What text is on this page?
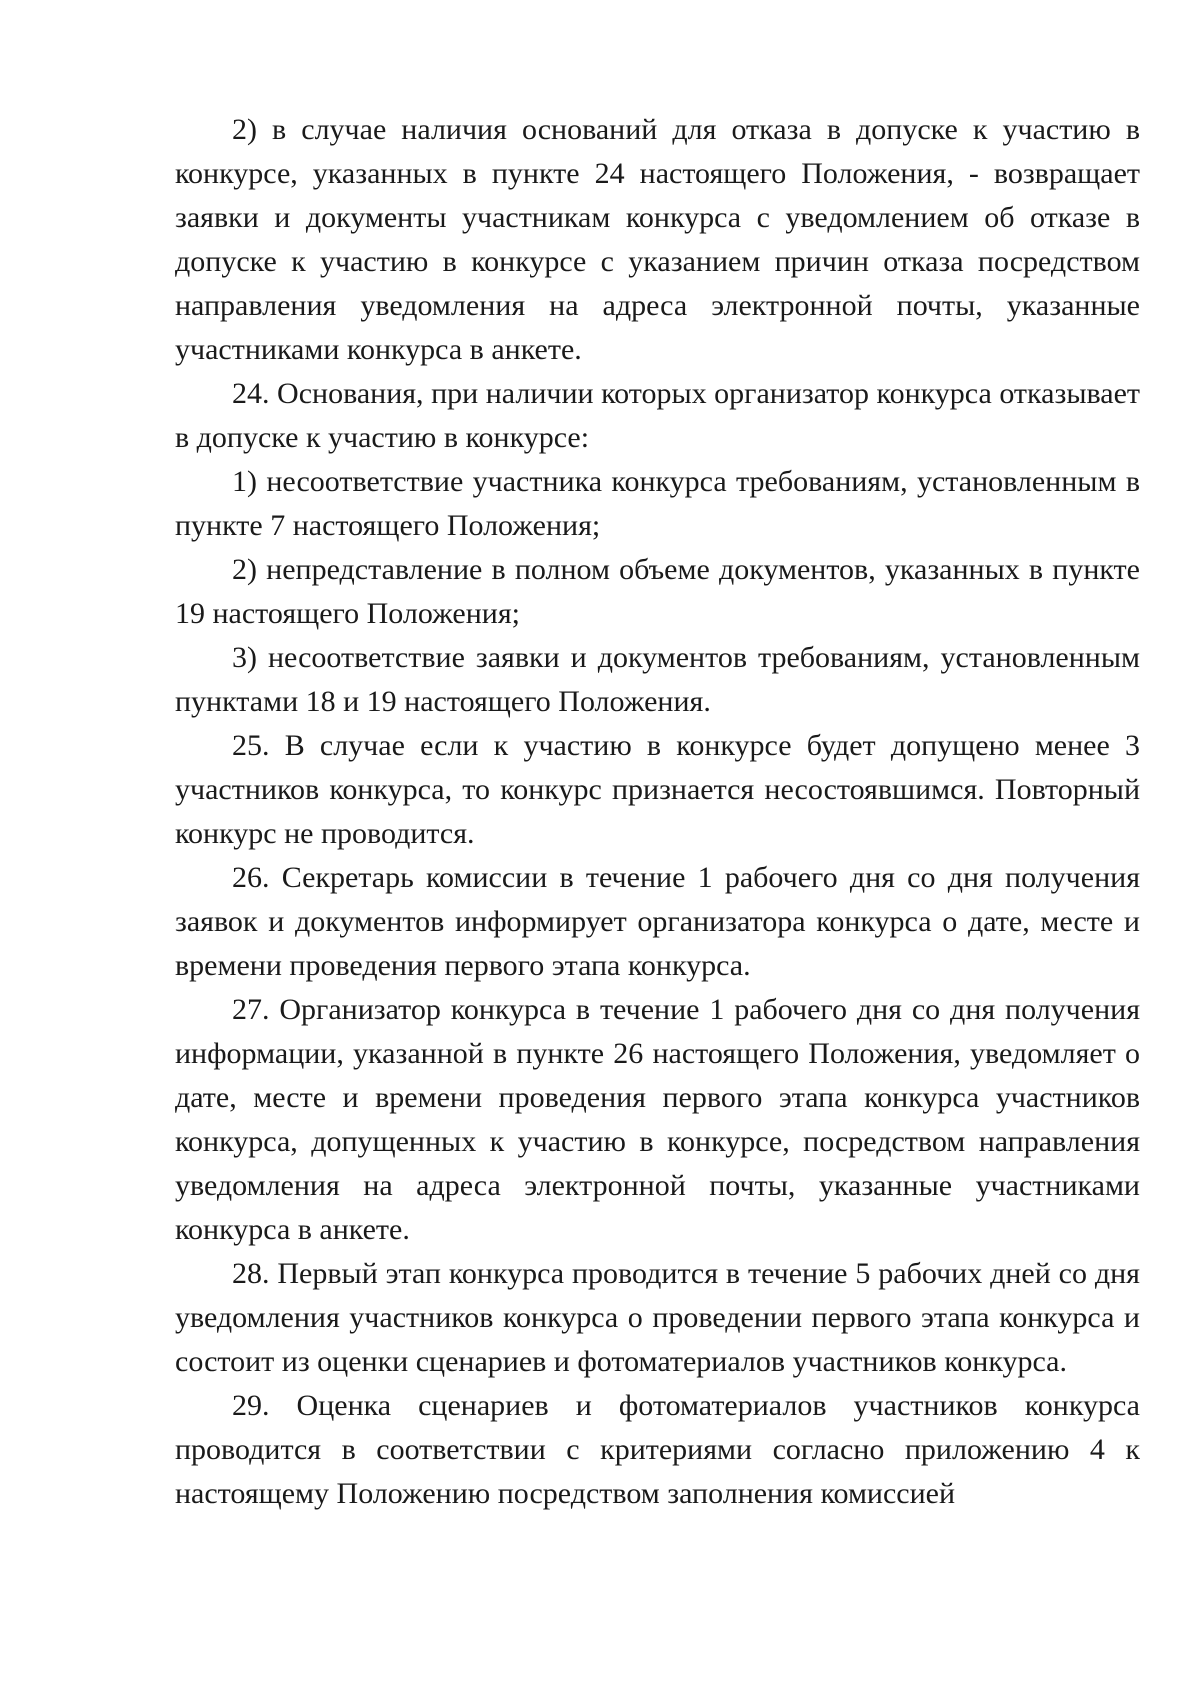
2) в случае наличия оснований для отказа в допуске к участию в конкурсе, указанных в пункте 24 настоящего Положения, - возвращает заявки и документы участникам конкурса с уведомлением об отказе в допуске к участию в конкурсе с указанием причин отказа посредством направления уведомления на адреса электронной почты, указанные участниками конкурса в анкете.

24. Основания, при наличии которых организатор конкурса отказывает в допуске к участию в конкурсе:

1) несоответствие участника конкурса требованиям, установленным в пункте 7 настоящего Положения;

2) непредставление в полном объеме документов, указанных в пункте 19 настоящего Положения;

3) несоответствие заявки и документов требованиям, установленным пунктами 18 и 19 настоящего Положения.

25. В случае если к участию в конкурсе будет допущено менее 3 участников конкурса, то конкурс признается несостоявшимся. Повторный конкурс не проводится.

26. Секретарь комиссии в течение 1 рабочего дня со дня получения заявок и документов информирует организатора конкурса о дате, месте и времени проведения первого этапа конкурса.

27. Организатор конкурса в течение 1 рабочего дня со дня получения информации, указанной в пункте 26 настоящего Положения, уведомляет о дате, месте и времени проведения первого этапа конкурса участников конкурса, допущенных к участию в конкурсе, посредством направления уведомления на адреса электронной почты, указанные участниками конкурса в анкете.

28. Первый этап конкурса проводится в течение 5 рабочих дней со дня уведомления участников конкурса о проведении первого этапа конкурса и состоит из оценки сценариев и фотоматериалов участников конкурса.

29. Оценка сценариев и фотоматериалов участников конкурса проводится в соответствии с критериями согласно приложению 4 к настоящему Положению посредством заполнения комиссией
